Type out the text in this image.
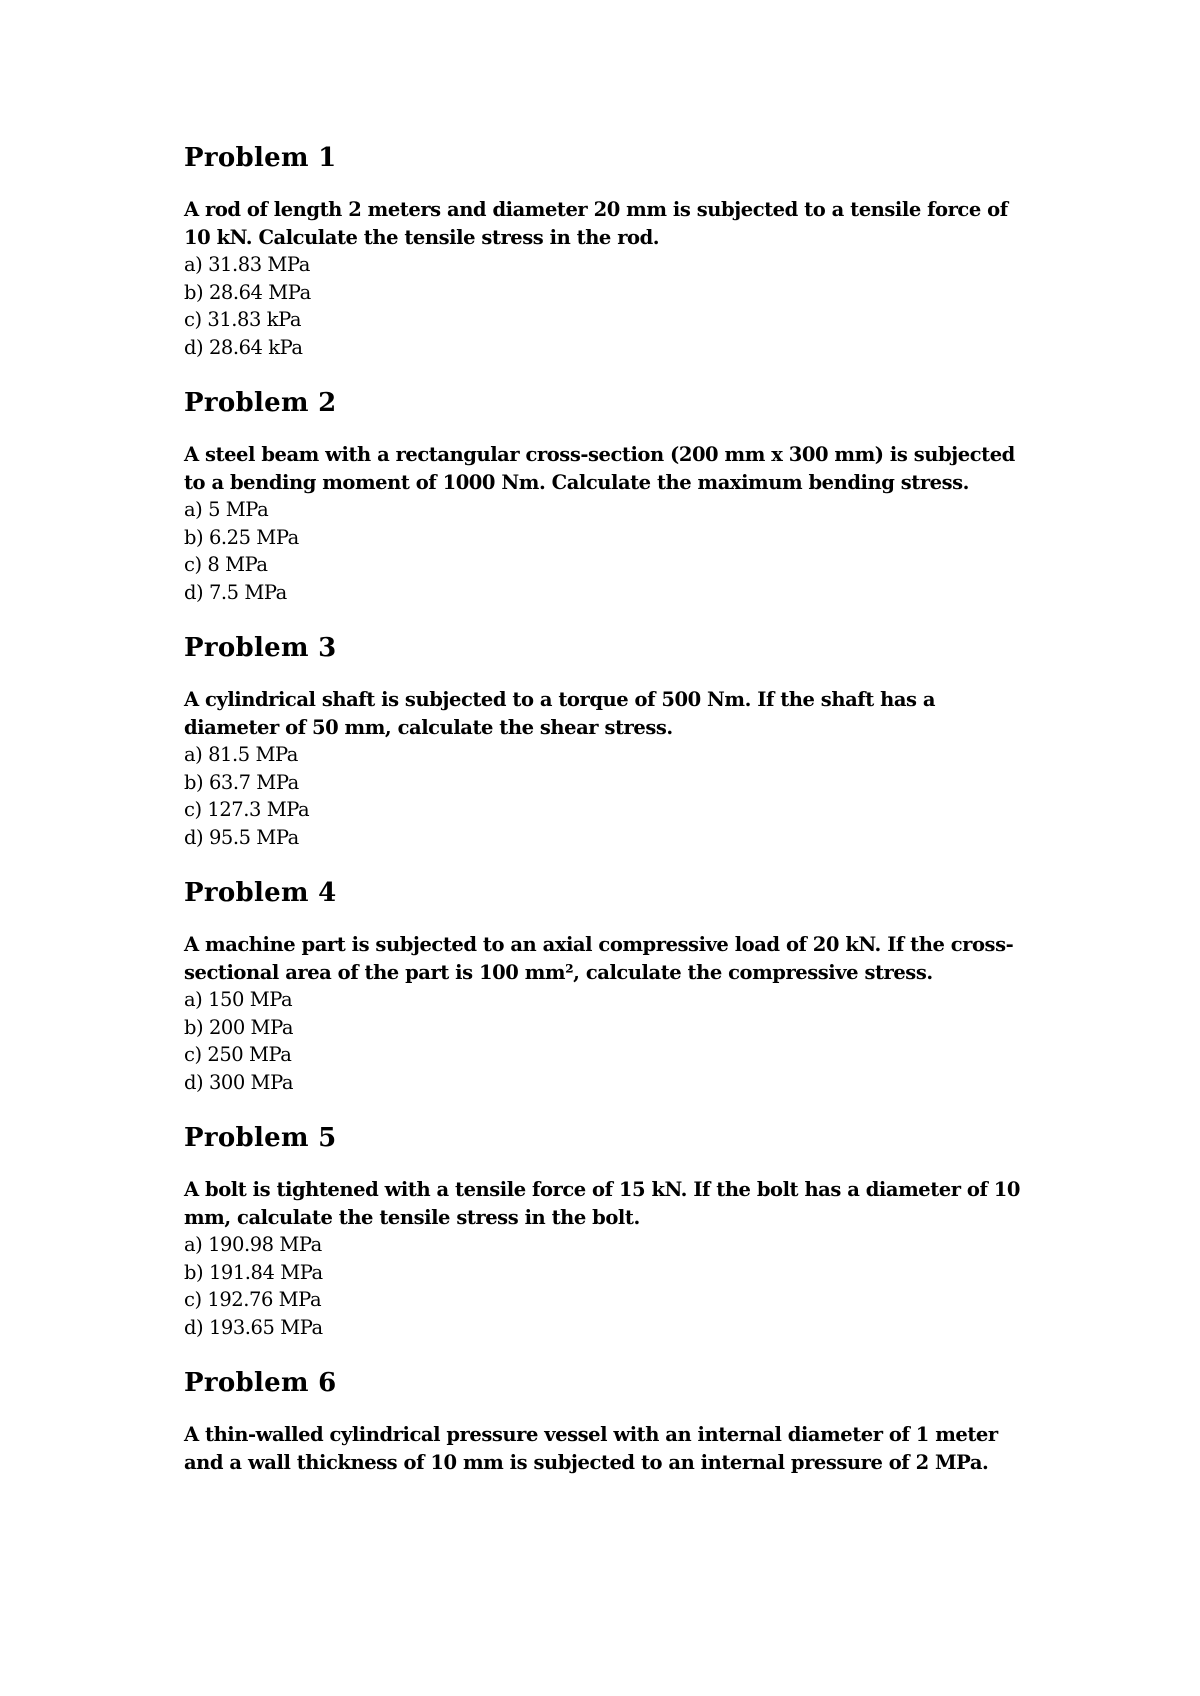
Problem 1

A rod of length 2 meters and diameter 20 mm is subjected to a tensile force of 10 kN. Calculate the tensile stress in the rod.

a) 31.83 MPa
b) 28.64 MPa
c) 31.83 kPa
d) 28.64 kPa
Problem 2

A steel beam with a rectangular cross-section (200 mm x 300 mm) is subjected to a bending moment of 1000 Nm. Calculate the maximum bending stress.

a) 5 MPa
b) 6.25 MPa
c) 8 MPa
d) 7.5 MPa
Problem 3

A cylindrical shaft is subjected to a torque of 500 Nm. If the shaft has a diameter of 50 mm, calculate the shear stress.

a) 81.5 MPa
b) 63.7 MPa
c) 127.3 MPa
d) 95.5 MPa
Problem 4

A machine part is subjected to an axial compressive load of 20 kN. If the cross-sectional area of the part is 100 mm², calculate the compressive stress.

a) 150 MPa
b) 200 MPa
c) 250 MPa
d) 300 MPa
Problem 5

A bolt is tightened with a tensile force of 15 kN. If the bolt has a diameter of 10 mm, calculate the tensile stress in the bolt.

a) 190.98 MPa
b) 191.84 MPa
c) 192.76 MPa
d) 193.65 MPa
Problem 6

A thin-walled cylindrical pressure vessel with an internal diameter of 1 meter and a wall thickness of 10 mm is subjected to an internal pressure of 2 MPa.
